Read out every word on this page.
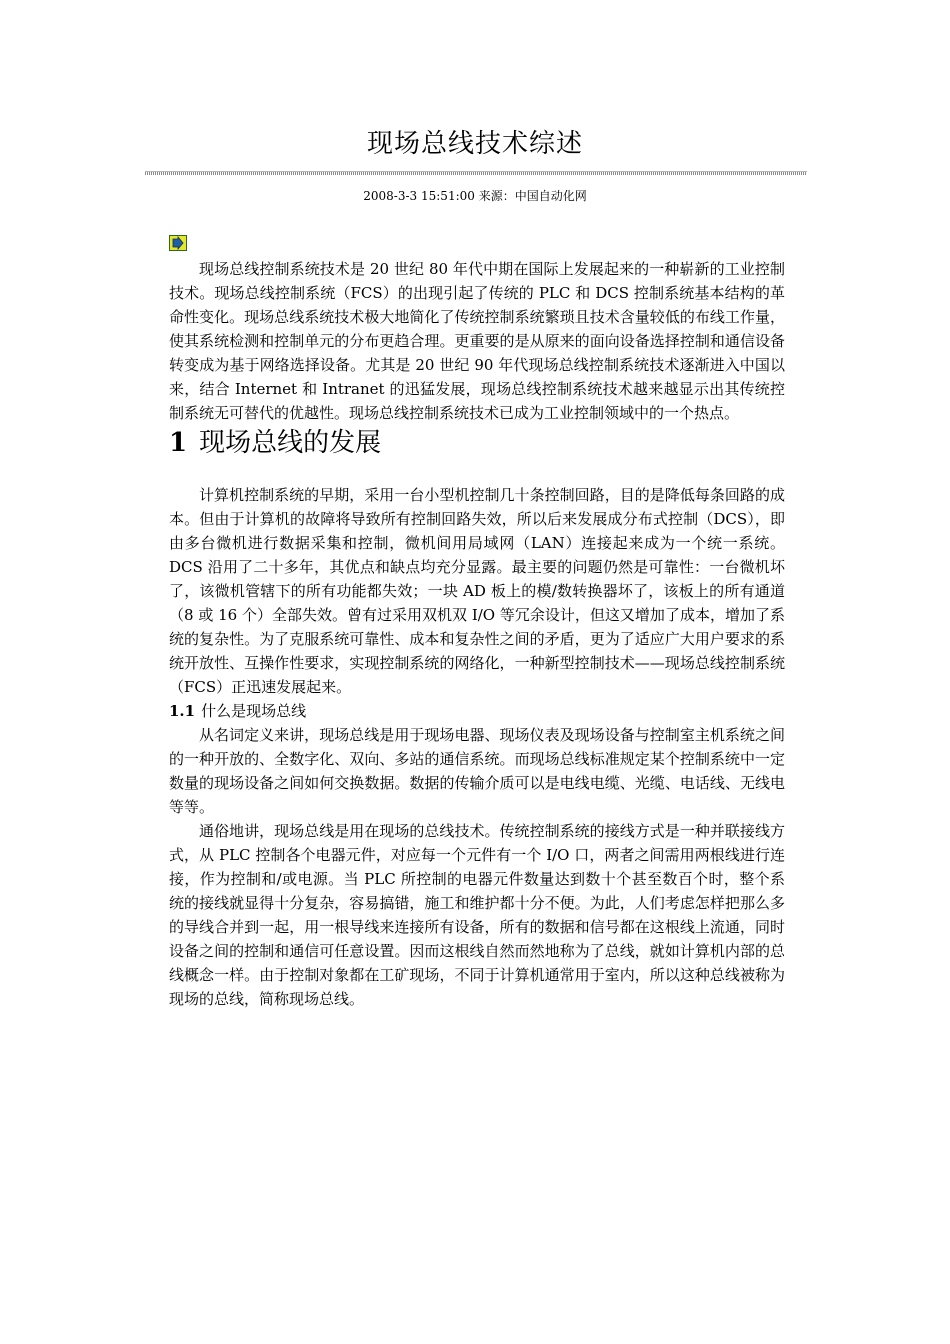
现场总线技术综述
2008-3-3 15:51:00 来源：中国自动化网

现场总线控制系统技术是 20 世纪 80 年代中期在国际上发展起来的一种崭新的工业控制技术。现场总线控制系统（FCS）的出现引起了传统的 PLC 和 DCS 控制系统基本结构的革命性变化。现场总线系统技术极大地简化了传统控制系统繁琐且技术含量较低的布线工作量，使其系统检测和控制单元的分布更趋合理。更重要的是从原来的面向设备选择控制和通信设备转变成为基于网络选择设备。尤其是 20 世纪 90 年代现场总线控制系统技术逐渐进入中国以来，结合 Internet 和 Intranet 的迅猛发展，现场总线控制系统技术越来越显示出其传统控制系统无可替代的优越性。现场总线控制系统技术已成为工业控制领域中的一个热点。

1 现场总线的发展

计算机控制系统的早期，采用一台小型机控制几十条控制回路，目的是降低每条回路的成本。但由于计算机的故障将导致所有控制回路失效，所以后来发展成分布式控制（DCS），即由多台微机进行数据采集和控制，微机间用局域网（LAN）连接起来成为一个统一系统。DCS 沿用了二十多年，其优点和缺点均充分显露。最主要的问题仍然是可靠性：一台微机坏了，该微机管辖下的所有功能都失效；一块 AD 板上的模/数转换器坏了，该板上的所有通道（8 或 16 个）全部失效。曾有过采用双机双 I/O 等冗余设计，但这又增加了成本，增加了系统的复杂性。为了克服系统可靠性、成本和复杂性之间的矛盾，更为了适应广大用户要求的系统开放性、互操作性要求，实现控制系统的网络化，一种新型控制技术——现场总线控制系统（FCS）正迅速发展起来。

1.1 什么是现场总线

从名词定义来讲，现场总线是用于现场电器、现场仪表及现场设备与控制室主机系统之间的一种开放的、全数字化、双向、多站的通信系统。而现场总线标准规定某个控制系统中一定数量的现场设备之间如何交换数据。数据的传输介质可以是电线电缆、光缆、电话线、无线电等等。

通俗地讲，现场总线是用在现场的总线技术。传统控制系统的接线方式是一种并联接线方式，从 PLC 控制各个电器元件，对应每一个元件有一个 I/O 口，两者之间需用两根线进行连接，作为控制和/或电源。当 PLC 所控制的电器元件数量达到数十个甚至数百个时，整个系统的接线就显得十分复杂，容易搞错，施工和维护都十分不便。为此，人们考虑怎样把那么多的导线合并到一起，用一根导线来连接所有设备，所有的数据和信号都在这根线上流通，同时设备之间的控制和通信可任意设置。因而这根线自然而然地称为了总线，就如计算机内部的总线概念一样。由于控制对象都在工矿现场，不同于计算机通常用于室内，所以这种总线被称为现场的总线，简称现场总线。
